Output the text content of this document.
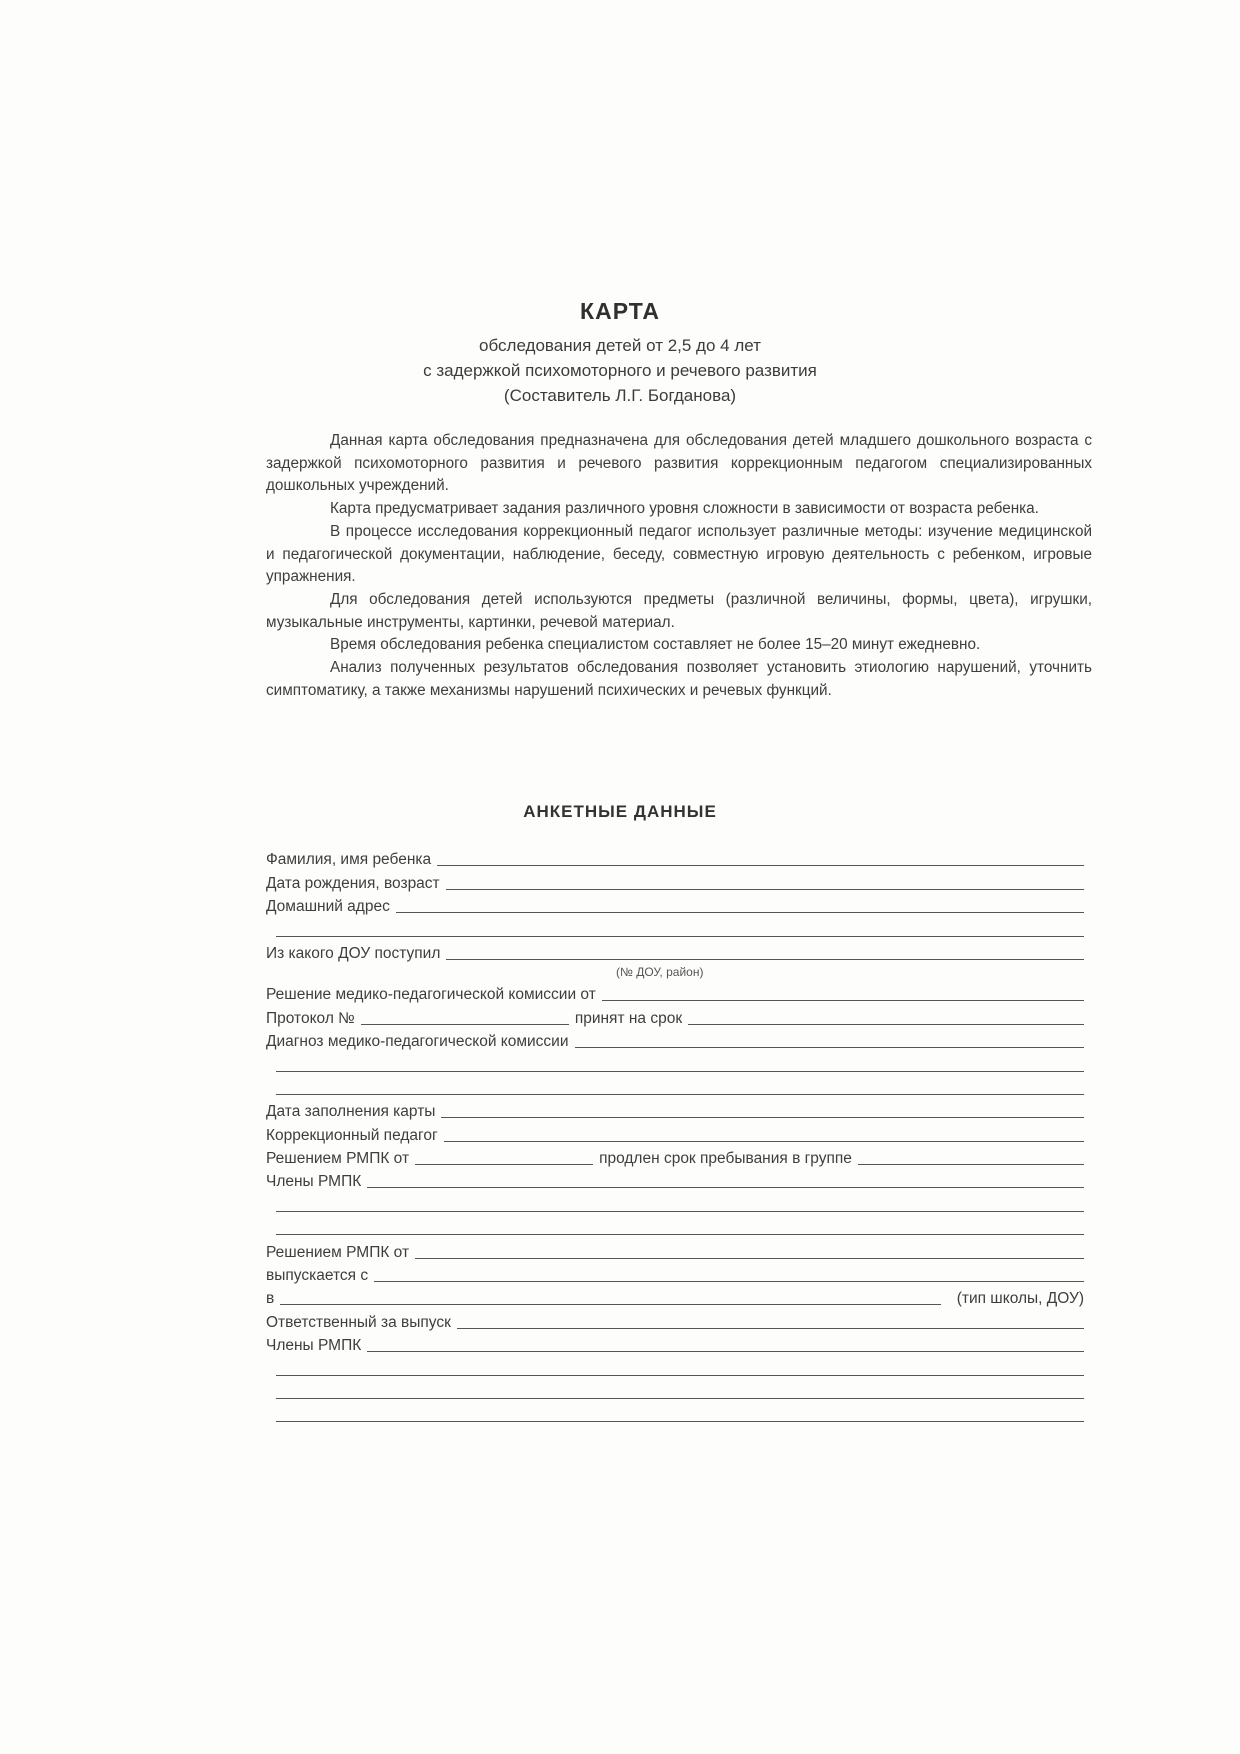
КАРТА
обследования детей от 2,5 до 4 лет
с задержкой психомоторного и речевого развития
(Составитель Л.Г. Богданова)

Данная карта обследования предназначена для обследования детей младшего дошкольного возраста с задержкой психомоторного развития и речевого развития коррекционным педагогом специализированных дошкольных учреждений.

Карта предусматривает задания различного уровня сложности в зависимости от возраста ребенка.

В процессе исследования коррекционный педагог использует различные методы: изучение медицинской и педагогической документации, наблюдение, беседу, совместную игровую деятельность с ребенком, игровые упражнения.

Для обследования детей используются предметы (различной величины, формы, цвета), игрушки, музыкальные инструменты, картинки, речевой материал.

Время обследования ребенка специалистом составляет не более 15–20 минут ежедневно.

Анализ полученных результатов обследования позволяет установить этиологию нарушений, уточнить симптоматику, а также механизмы нарушений психических и речевых функций.

АНКЕТНЫЕ ДАННЫЕ
Фамилия, имя ребенка
Дата рождения, возраст
Домашний адрес
Из какого ДОУ поступил
(№ ДОУ, район)
Решение медико-педагогической комиссии от
Протокол №	принят на срок
Диагноз медико-педагогической комиссии
Дата заполнения карты
Коррекционный педагог
Решением РМПК от	продлен срок пребывания в группе
Члены РМПК
Решением РМПК от
выпускается с
в	(тип школы, ДОУ)
Ответственный за выпуск
Члены РМПК
